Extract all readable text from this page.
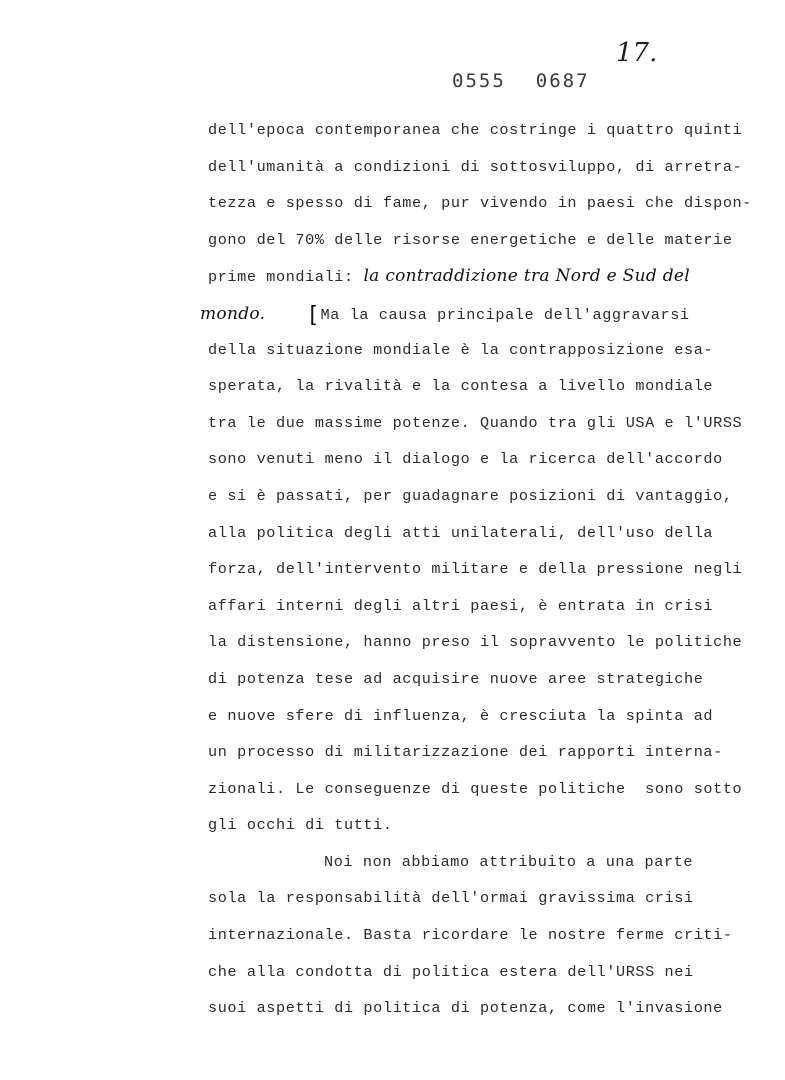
0555 0687
17.
dell'epoca contemporanea che costringe i quattro quinti
dell'umanità a condizioni di sottosviluppo, di arretra-
tezza e spesso di fame, pur vivendo in paesi che dispon-
gono del 70% delle risorse energetiche e delle materie
prime mondiali: la contraddizione tra Nord e Sud del
mondo. [ Ma la causa principale dell'aggravarsi
della situazione mondiale è la contrapposizione esa-
sperata, la rivalità e la contesa a livello mondiale
tra le due massime potenze. Quando tra gli USA e l'URSS
sono venuti meno il dialogo e la ricerca dell'accordo
e si è passati, per guadagnare posizioni di vantaggio,
alla politica degli atti unilaterali, dell'uso della
forza, dell'intervento militare e della pressione negli
affari interni degli altri paesi, è entrata in crisi
la distensione, hanno preso il sopravvento le politiche
di potenza tese ad acquisire nuove aree strategiche
e nuove sfere di influenza, è cresciuta la spinta ad
un processo di militarizzazione dei rapporti interna-
zionali. Le conseguenze di queste politiche  sono sotto
gli occhi di tutti.
Noi non abbiamo attribuito a una parte
sola la responsabilità dell'ormai gravissima crisi
internazionale. Basta ricordare le nostre ferme criti-
che alla condotta di politica estera dell'URSS nei
suoi aspetti di politica di potenza, come l'invasione
